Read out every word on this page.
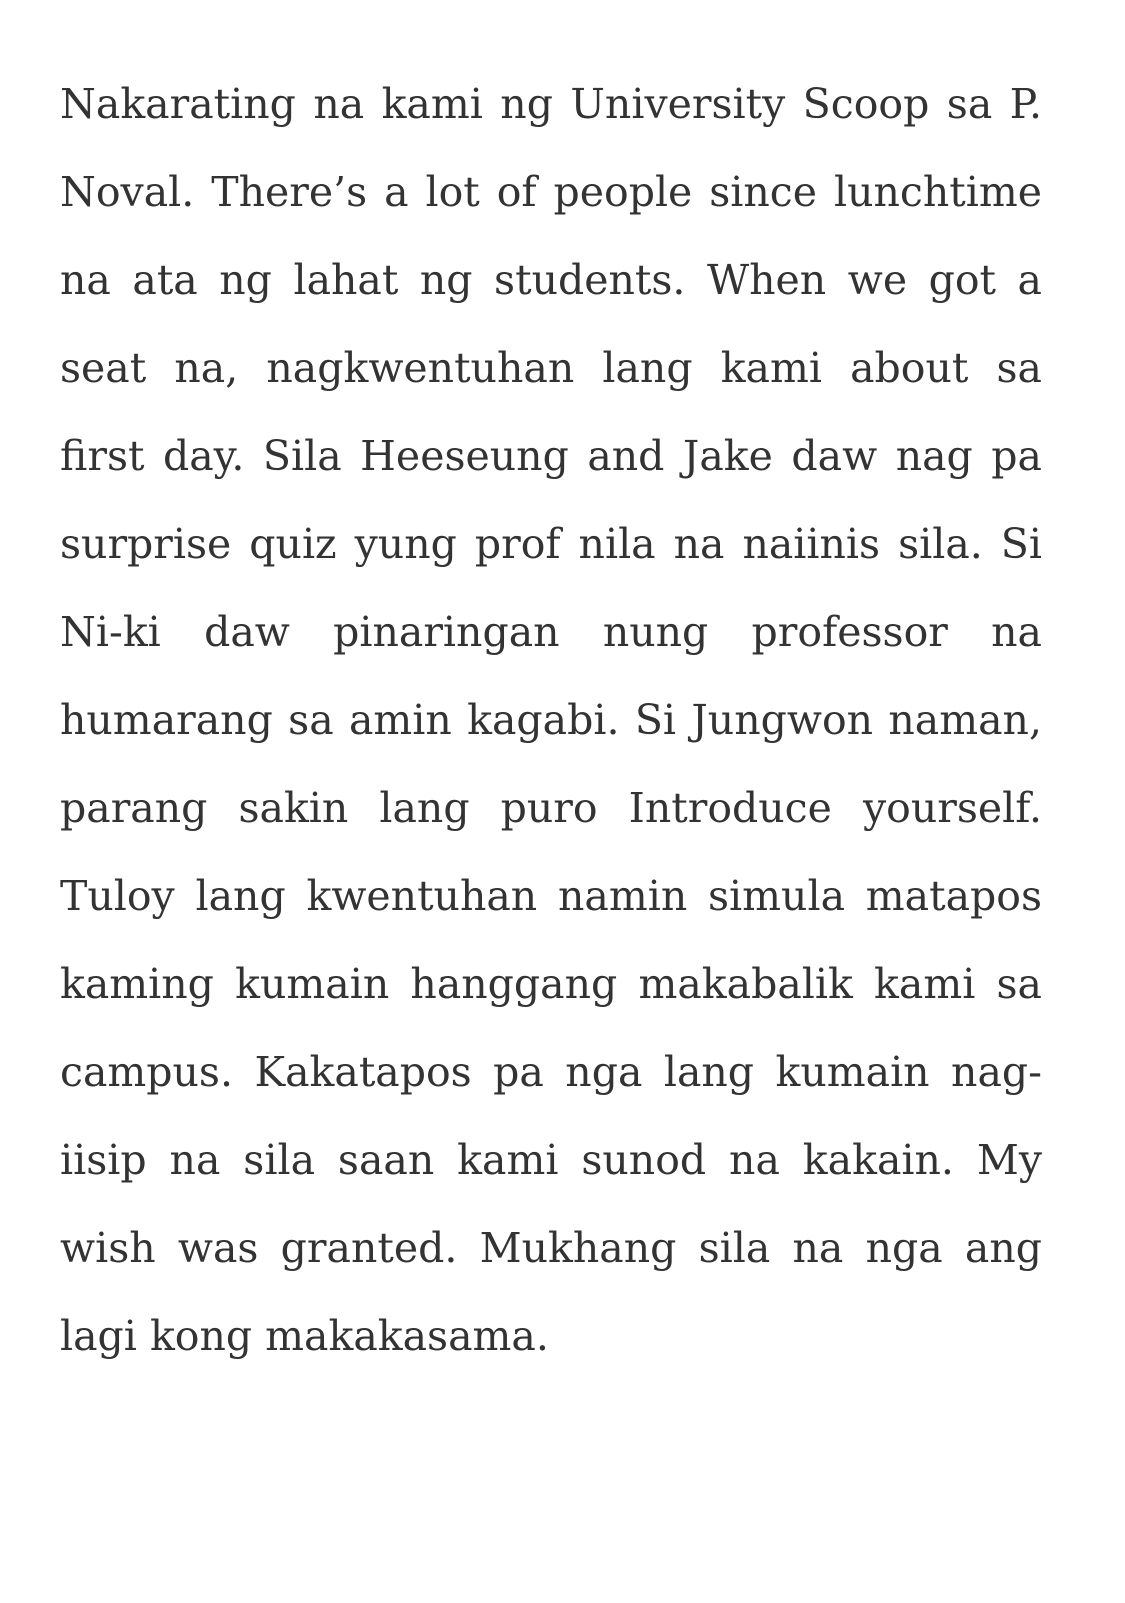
Nakarating na kami ng University Scoop sa P. Noval. There’s a lot of people since lunchtime na ata ng lahat ng students. When we got a seat na, nagkwentuhan lang kami about sa first day. Sila Heeseung and Jake daw nag pa surprise quiz yung prof nila na naiinis sila. Si Ni-ki daw pinaringan nung professor na humarang sa amin kagabi. Si Jungwon naman, parang sakin lang puro Introduce yourself. Tuloy lang kwentuhan namin simula matapos kaming kumain hanggang makabalik kami sa campus. Kakatapos pa nga lang kumain nag-iisip na sila saan kami sunod na kakain. My wish was granted. Mukhang sila na nga ang lagi kong makakasama.
